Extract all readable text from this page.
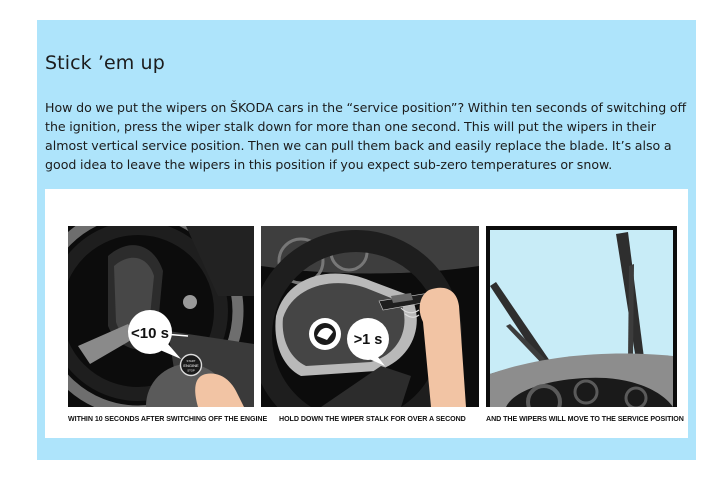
Stick ’em up

How do we put the wipers on ŠKODA cars in the “service position”? Within ten seconds of switching off the ignition, press the wiper stalk down for more than one second. This will put the wipers in their almost vertical service position. Then we can pull them back and easily replace the blade. It’s also a good idea to leave the wipers in this position if you expect sub-zero temperatures or snow.

START
ENGINE
STOP
<10 s	>1 s
WITHIN 10 SECONDS AFTER SWITCHING OFF THE ENGINE HOLD DOWN THE WIPER STALK FOR OVER A SECOND	AND THE WIPERS WILL MOVE TO THE SERVICE POSITION
